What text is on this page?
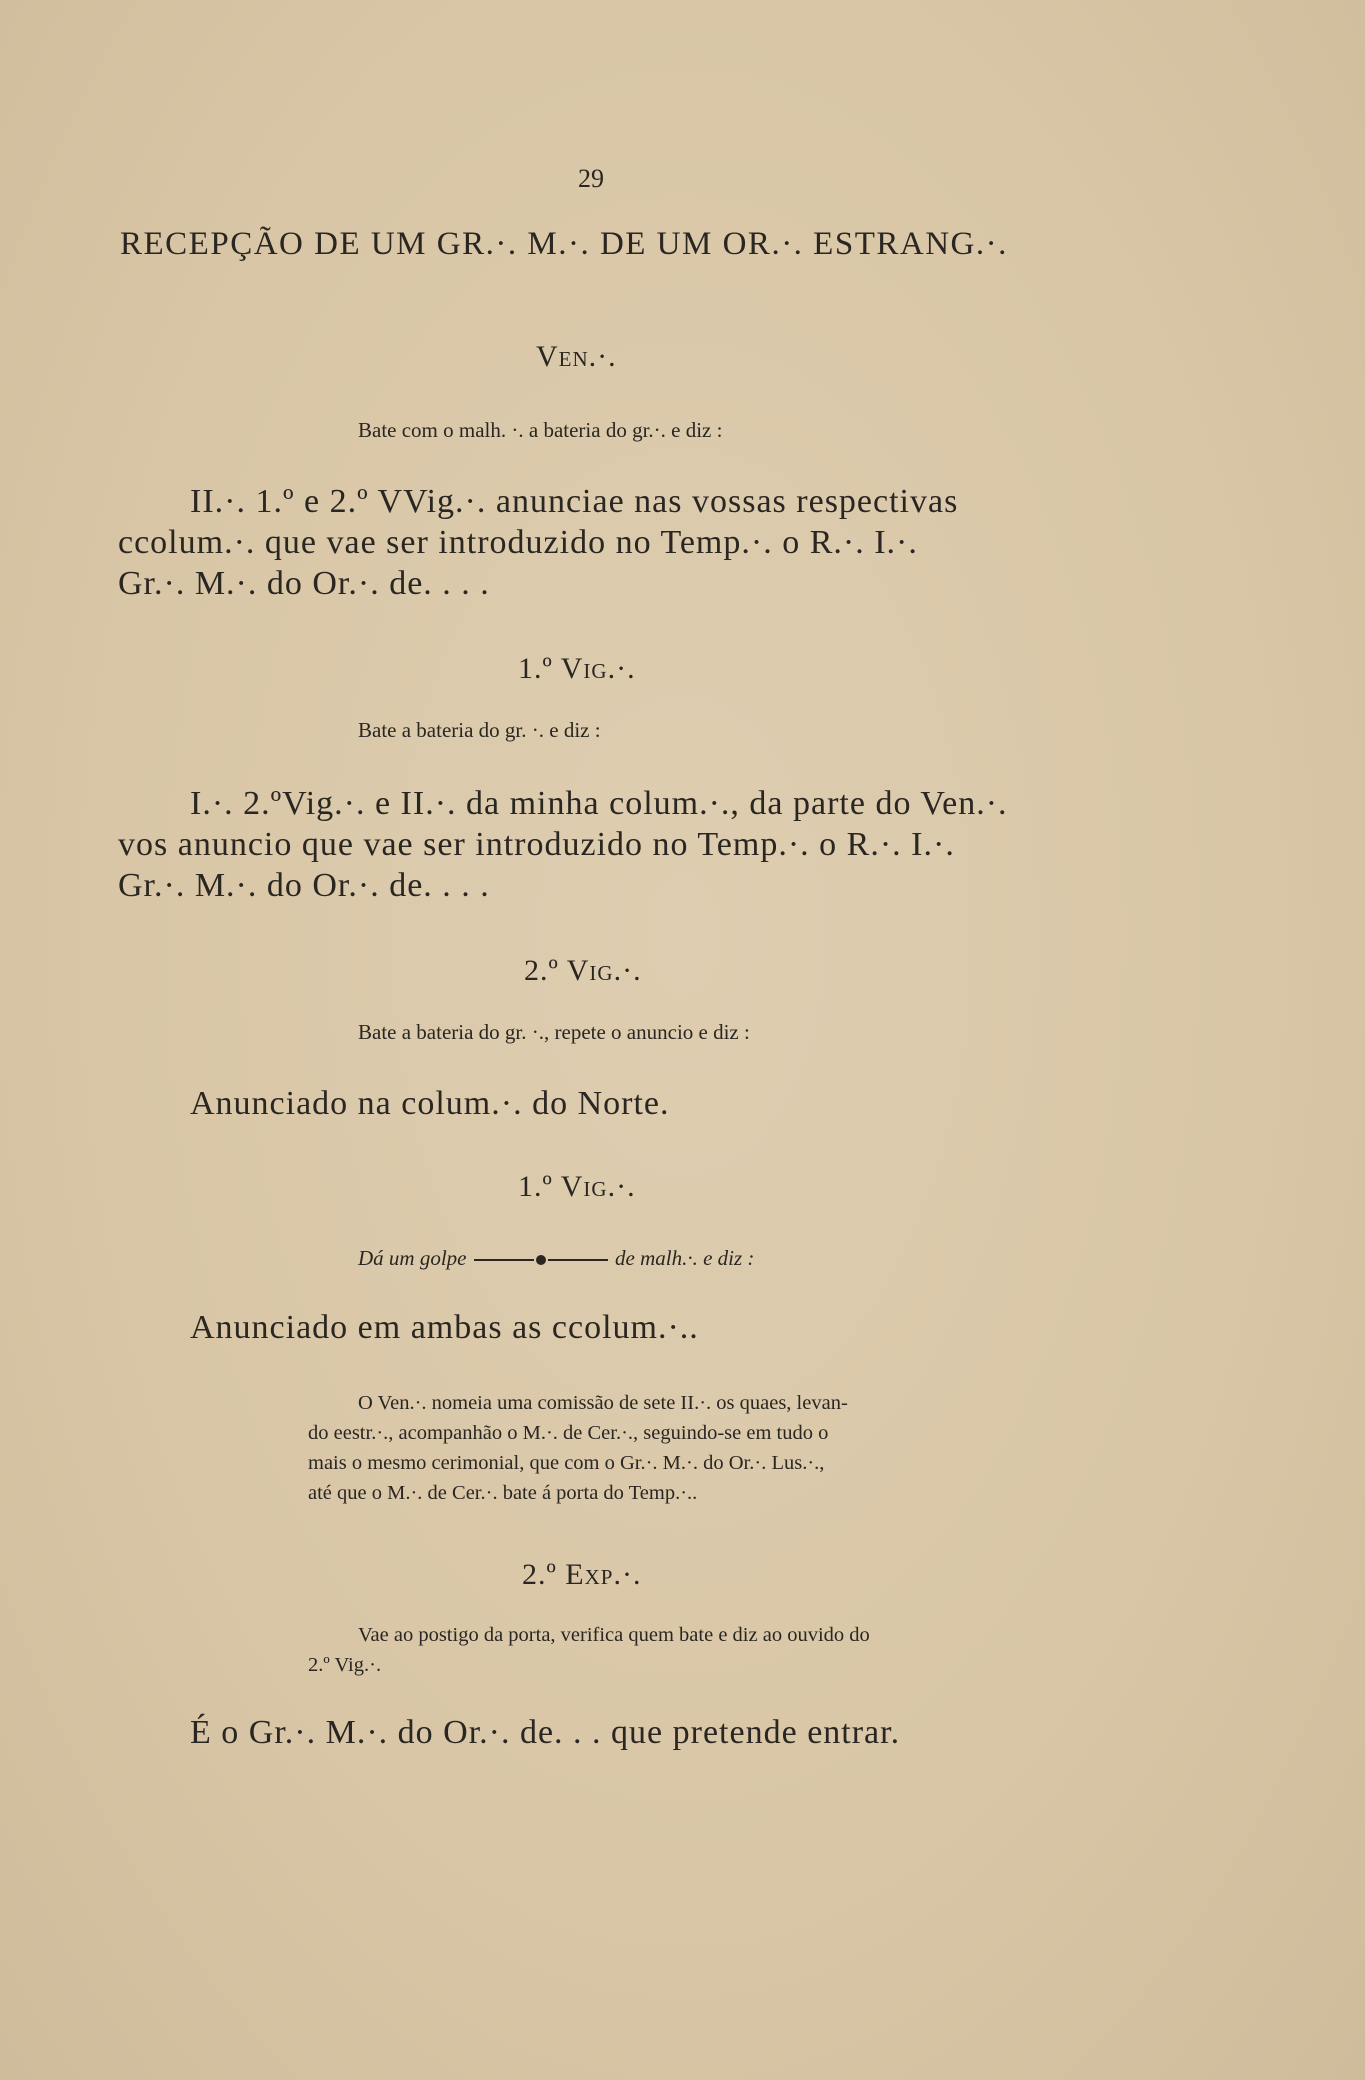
29
RECEPÇÃO DE UM GR.·. M.·. DE UM OR.·. ESTRANG.·.
Ven.·.
Bate com o malh. ·. a bateria do gr.·. e diz :
II.·. 1.º e 2.º VVig.·. anunciae nas vossas respectivas
ccolum.·. que vae ser introduzido no Temp.·. o R.·. I.·.
Gr.·. M.·. do Or.·. de. . . .
1.º Vig.·.
Bate a bateria do gr. ·. e diz :
I.·. 2.ºVig.·. e II.·. da minha colum.·., da parte do Ven.·.
vos anuncio que vae ser introduzido no Temp.·. o R.·. I.·.
Gr.·. M.·. do Or.·. de. . . .
2.º Vig.·.
Bate a bateria do gr. ·., repete o anuncio e diz :
Anunciado na colum.·. do Norte.
1.º Vig.·.
Dá um golpe	de malh.·. e diz :
Anunciado em ambas as ccolum.·..
O Ven.·. nomeia uma comissão de sete II.·. os quaes, levan-
do eestr.·., acompanhão o M.·. de Cer.·., seguindo-se em tudo o
mais o mesmo cerimonial, que com o Gr.·. M.·. do Or.·. Lus.·.,
até que o M.·. de Cer.·. bate á porta do Temp.·..
2.º Exp.·.
Vae ao postigo da porta, verifica quem bate e diz ao ouvido do
2.º Vig.·.
É o Gr.·. M.·. do Or.·. de. . . que pretende entrar.
